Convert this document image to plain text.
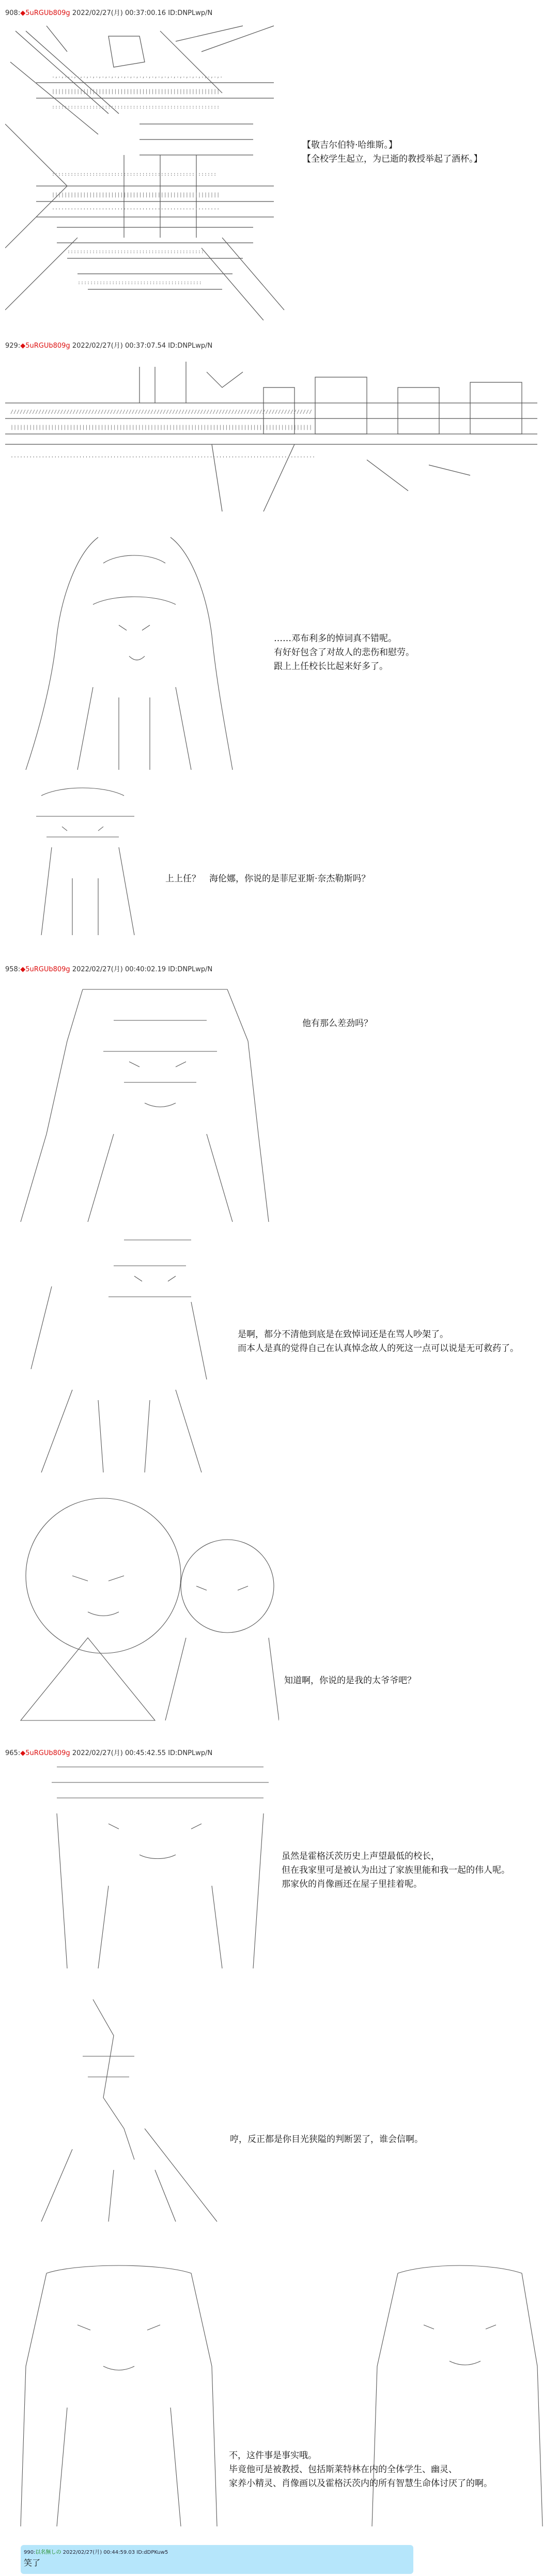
908:◆5uRGUb809g 2022/02/27(月) 00:37:00.16 ID:DNPLwp/N
929:◆5uRGUb809g 2022/02/27(月) 00:37:07.54 ID:DNPLwp/N
958:◆5uRGUb809g 2022/02/27(月) 00:40:02.19 ID:DNPLwp/N
965:◆5uRGUb809g 2022/02/27(月) 00:45:42.55 ID:DNPLwp/N
.,.,.,.,.,.,.,.,.,.,.,.,.,.,.,.,.,.,.,.,.,.,.,.,.,.,.,.
||||||||||||||||||||||||||||||||||||||||||||||||||||||
::::::::::::::::::::::::::::::::::::::::::::::::::::::
:::::::::::::::::::::::::::::::::::::::::::::::::::::
||||||||||||||||||||||||||||||||||||||||||||||||||||||
''''''''''''''''''''''''''''''''''''''''''''''''''''''
::::::::::::::::::::::::::::::::::::::::::::
::::::::::::::::::::::::::::::::::::::::
/////////////////////////////////////////////////////////////////////////////////////////////////
|||||||||||||||||||||||||||||||||||||||||||||||||||||||||||||||||||||||||||||||||||||||||||||||||
''''''''''''''''''''''''''''''''''''''''''''''''''''''''''''''''''''''''''''''''''''''''''''''''''
【敬吉尔伯特·哈维斯。】
【全校学生起立，为已逝的教授举起了酒杯。】
……邓布利多的悼词真不错呢。
有好好包含了对故人的悲伤和慰劳。
跟上上任校长比起来好多了。
上上任？　海伦娜，你说的是菲尼亚斯·奈杰勒斯吗？
他有那么差劲吗？
是啊，都分不清他到底是在致悼词还是在骂人吵架了。
而本人是真的觉得自己在认真悼念故人的死这一点可以说是无可救药了。
知道啊，你说的是我的太爷爷吧？
虽然是霍格沃茨历史上声望最低的校长，
但在我家里可是被认为出过了家族里能和我一起的伟人呢。
那家伙的肖像画还在屋子里挂着呢。
哼，反正都是你目光狭隘的判断罢了，谁会信啊。
不，这件事是事实哦。
毕竟他可是被教授、包括斯莱特林在内的全体学生、幽灵、
家养小精灵、肖像画以及霍格沃茨内的所有智慧生命体讨厌了的啊。
990:以名無しの 2022/02/27(月) 00:44:59.03 ID:dDPKuw5
笑了
